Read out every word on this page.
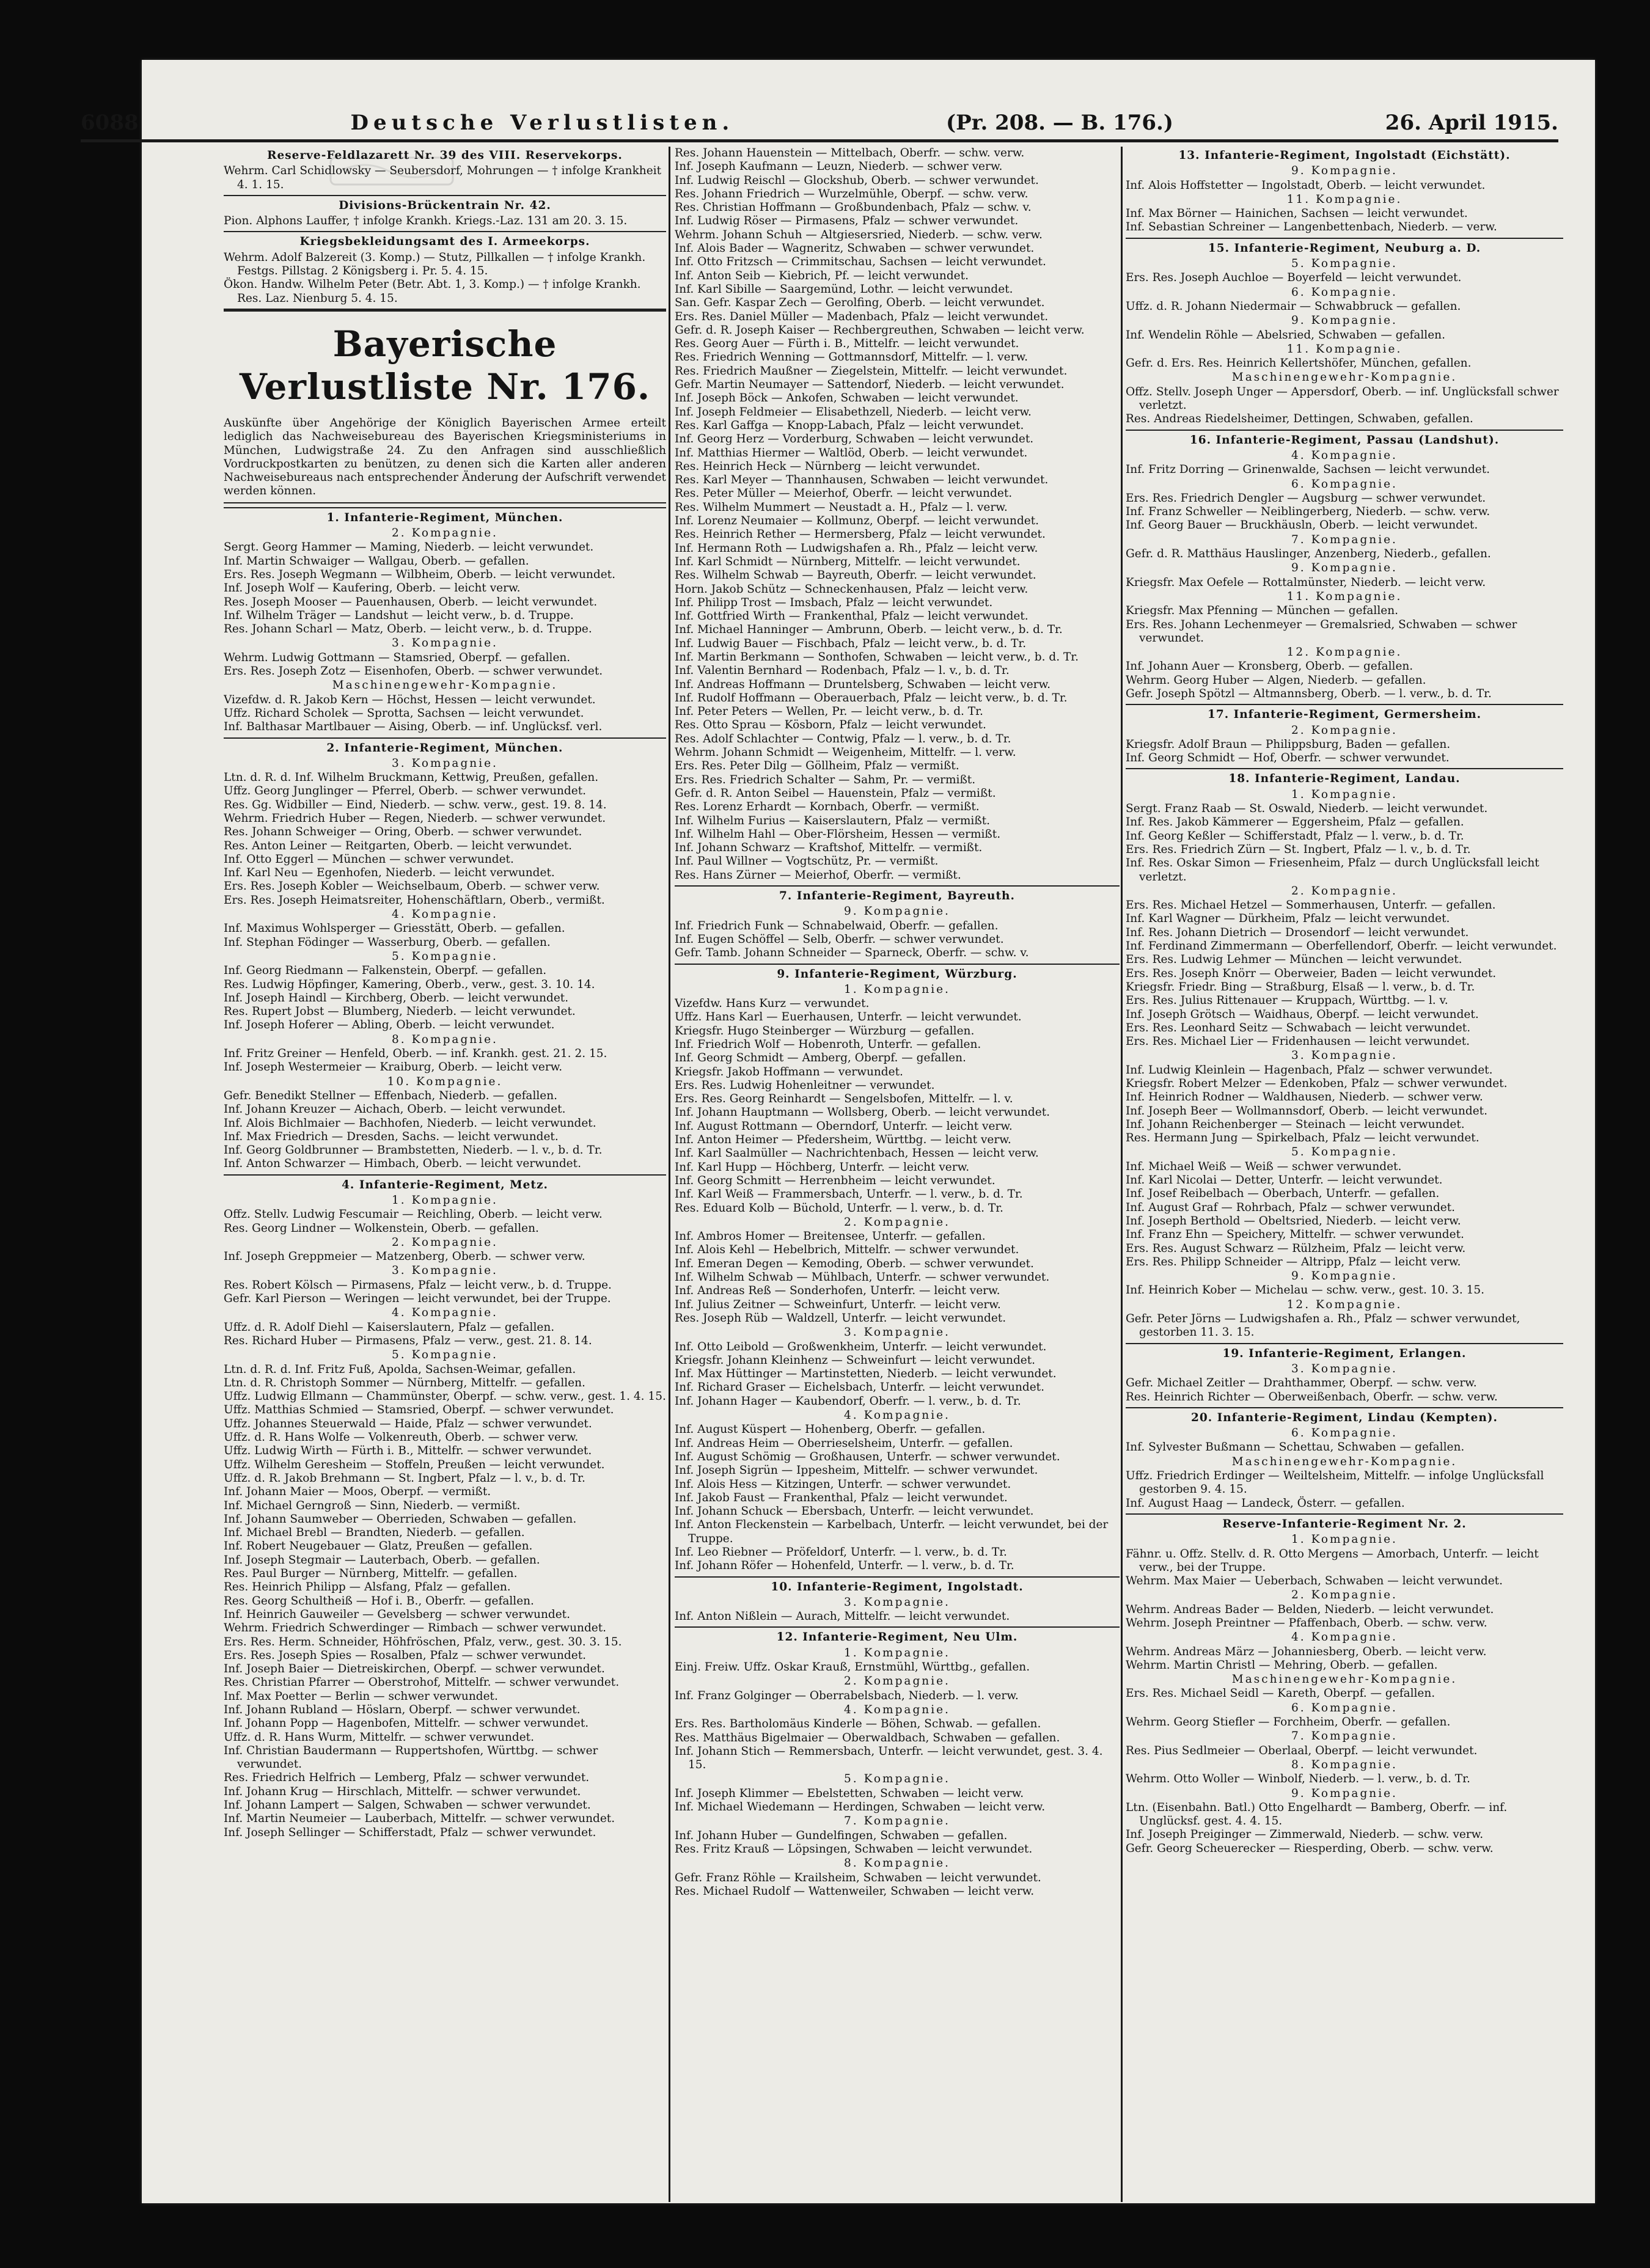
6088	Deutsche Verlustlisten.	(Pr. 208. — B. 176.)	26. April 1915.
Reserve-Feldlazarett Nr. 39 des VIII. Reservekorps.
Wehrm. Carl Schidlowsky — Seubersdorf, Mohrungen — † infolge Krankheit 4. 1. 15.
Divisions-Brückentrain Nr. 42.
Pion. Alphons Lauffer, † infolge Krankh. Kriegs.-Laz. 131 am 20. 3. 15.
Kriegsbekleidungsamt des I. Armeekorps.
Wehrm. Adolf Balzereit (3. Komp.) — Stutz, Pillkallen — † infolge Krankh. Festgs. Pillstag. 2 Königsberg i. Pr. 5. 4. 15.
Ökon. Handw. Wilhelm Peter (Betr. Abt. 1, 3. Komp.) — † infolge Krankh. Res. Laz. Nienburg 5. 4. 15.
Bayerische Verlustliste Nr. 176.
Auskünfte über Angehörige der Königlich Bayerischen Armee erteilt lediglich das Nachweisebureau des Bayerischen Kriegsministeriums in München, Ludwigstraße 24. Zu den Anfragen sind ausschließlich Vordruckpostkarten zu benützen, zu denen sich die Karten aller anderen Nachweisebureaus nach entsprechender Änderung der Aufschrift verwendet werden können.
1. Infanterie-Regiment, München.
2. Kompagnie.
Sergt. Georg Hammer — Maming, Niederb. — leicht verwundet.
Inf. Martin Schwaiger — Wallgau, Oberb. — gefallen.
Ers. Res. Joseph Wegmann — Wilbheim, Oberb. — leicht verwundet.
Inf. Joseph Wolf — Kaufering, Oberb. — leicht verw.
Res. Joseph Mooser — Pauenhausen, Oberb. — leicht verwundet.
Inf. Wilhelm Träger — Landshut — leicht verw., b. d. Truppe.
Res. Johann Scharl — Matz, Oberb. — leicht verw., b. d. Truppe.
3. Kompagnie.
Wehrm. Ludwig Gottmann — Stamsried, Oberpf. — gefallen.
Ers. Res. Joseph Zotz — Eisenhofen, Oberb. — schwer verwundet.
Maschinengewehr-Kompagnie.
Vizefdw. d. R. Jakob Kern — Höchst, Hessen — leicht verwundet.
Uffz. Richard Scholek — Sprotta, Sachsen — leicht verwundet.
Inf. Balthasar Martlbauer — Aising, Oberb. — inf. Unglücksf. verl.
2. Infanterie-Regiment, München.
3. Kompagnie.
Ltn. d. R. d. Inf. Wilhelm Bruckmann, Kettwig, Preußen, gefallen.
Uffz. Georg Junglinger — Pferrel, Oberb. — schwer verwundet.
Res. Gg. Widbiller — Eind, Niederb. — schw. verw., gest. 19. 8. 14.
Wehrm. Friedrich Huber — Regen, Niederb. — schwer verwundet.
Res. Johann Schweiger — Oring, Oberb. — schwer verwundet.
Res. Anton Leiner — Reitgarten, Oberb. — leicht verwundet.
Inf. Otto Eggerl — München — schwer verwundet.
Inf. Karl Neu — Egenhofen, Niederb. — leicht verwundet.
Ers. Res. Joseph Kobler — Weichselbaum, Oberb. — schwer verw.
Ers. Res. Joseph Heimatsreiter, Hohenschäftlarn, Oberb., vermißt.
4. Kompagnie.
Inf. Maximus Wohlsperger — Griesstätt, Oberb. — gefallen.
Inf. Stephan Födinger — Wasserburg, Oberb. — gefallen.
5. Kompagnie.
Inf. Georg Riedmann — Falkenstein, Oberpf. — gefallen.
Res. Ludwig Höpfinger, Kamering, Oberb., verw., gest. 3. 10. 14.
Inf. Joseph Haindl — Kirchberg, Oberb. — leicht verwundet.
Res. Rupert Jobst — Blumberg, Niederb. — leicht verwundet.
Inf. Joseph Hoferer — Abling, Oberb. — leicht verwundet.
8. Kompagnie.
Inf. Fritz Greiner — Henfeld, Oberb. — inf. Krankh. gest. 21. 2. 15.
Inf. Joseph Westermeier — Kraiburg, Oberb. — leicht verw.
10. Kompagnie.
Gefr. Benedikt Stellner — Effenbach, Niederb. — gefallen.
Inf. Johann Kreuzer — Aichach, Oberb. — leicht verwundet.
Inf. Alois Bichlmaier — Bachhofen, Niederb. — leicht verwundet.
Inf. Max Friedrich — Dresden, Sachs. — leicht verwundet.
Inf. Georg Goldbrunner — Brambstetten, Niederb. — l. v., b. d. Tr.
Inf. Anton Schwarzer — Himbach, Oberb. — leicht verwundet.
4. Infanterie-Regiment, Metz.
1. Kompagnie.
Offz. Stellv. Ludwig Fescumair — Reichling, Oberb. — leicht verw.
Res. Georg Lindner — Wolkenstein, Oberb. — gefallen.
2. Kompagnie.
Inf. Joseph Greppmeier — Matzenberg, Oberb. — schwer verw.
3. Kompagnie.
Res. Robert Kölsch — Pirmasens, Pfalz — leicht verw., b. d. Truppe.
Gefr. Karl Pierson — Weringen — leicht verwundet, bei der Truppe.
4. Kompagnie.
Uffz. d. R. Adolf Diehl — Kaiserslautern, Pfalz — gefallen.
Res. Richard Huber — Pirmasens, Pfalz — verw., gest. 21. 8. 14.
5. Kompagnie.
Ltn. d. R. d. Inf. Fritz Fuß, Apolda, Sachsen-Weimar, gefallen.
Ltn. d. R. Christoph Sommer — Nürnberg, Mittelfr. — gefallen.
Uffz. Ludwig Ellmann — Chammünster, Oberpf. — schw. verw., gest. 1. 4. 15.
Uffz. Matthias Schmied — Stamsried, Oberpf. — schwer verwundet.
Uffz. Johannes Steuerwald — Haide, Pfalz — schwer verwundet.
Uffz. d. R. Hans Wolfe — Volkenreuth, Oberb. — schwer verw.
Uffz. Ludwig Wirth — Fürth i. B., Mittelfr. — schwer verwundet.
Uffz. Wilhelm Geresheim — Stoffeln, Preußen — leicht verwundet.
Uffz. d. R. Jakob Brehmann — St. Ingbert, Pfalz — l. v., b. d. Tr.
Inf. Johann Maier — Moos, Oberpf. — vermißt.
Inf. Michael Gerngroß — Sinn, Niederb. — vermißt.
Inf. Johann Saumweber — Oberrieden, Schwaben — gefallen.
Inf. Michael Brebl — Brandten, Niederb. — gefallen.
Inf. Robert Neugebauer — Glatz, Preußen — gefallen.
Inf. Joseph Stegmair — Lauterbach, Oberb. — gefallen.
Res. Paul Burger — Nürnberg, Mittelfr. — gefallen.
Res. Heinrich Philipp — Alsfang, Pfalz — gefallen.
Res. Georg Schultheiß — Hof i. B., Oberfr. — gefallen.
Inf. Heinrich Gauweiler — Gevelsberg — schwer verwundet.
Wehrm. Friedrich Schwerdinger — Rimbach — schwer verwundet.
Ers. Res. Herm. Schneider, Höhfröschen, Pfalz, verw., gest. 30. 3. 15.
Ers. Res. Joseph Spies — Rosalben, Pfalz — schwer verwundet.
Inf. Joseph Baier — Dietreiskirchen, Oberpf. — schwer verwundet.
Res. Christian Pfarrer — Oberstrohof, Mittelfr. — schwer verwundet.
Inf. Max Poetter — Berlin — schwer verwundet.
Inf. Johann Rubland — Höslarn, Oberpf. — schwer verwundet.
Inf. Johann Popp — Hagenbofen, Mittelfr. — schwer verwundet.
Uffz. d. R. Hans Wurm, Mittelfr. — schwer verwundet.
Inf. Christian Baudermann — Ruppertshofen, Württbg. — schwer verwundet.
Res. Friedrich Helfrich — Lemberg, Pfalz — schwer verwundet.
Inf. Johann Krug — Hirschlach, Mittelfr. — schwer verwundet.
Inf. Johann Lampert — Salgen, Schwaben — schwer verwundet.
Inf. Martin Neumeier — Lauberbach, Mittelfr. — schwer verwundet.
Inf. Joseph Sellinger — Schifferstadt, Pfalz — schwer verwundet.
Res. Johann Hauenstein — Mittelbach, Oberfr. — schw. verw.
Inf. Joseph Kaufmann — Leuzn, Niederb. — schwer verw.
Inf. Ludwig Reischl — Glockshub, Oberb. — schwer verwundet.
Res. Johann Friedrich — Wurzelmühle, Oberpf. — schw. verw.
Res. Christian Hoffmann — Großbundenbach, Pfalz — schw. v.
Inf. Ludwig Röser — Pirmasens, Pfalz — schwer verwundet.
Wehrm. Johann Schuh — Altgiesersried, Niederb. — schw. verw.
Inf. Alois Bader — Wagneritz, Schwaben — schwer verwundet.
Inf. Otto Fritzsch — Crimmitschau, Sachsen — leicht verwundet.
Inf. Anton Seib — Kiebrich, Pf. — leicht verwundet.
Inf. Karl Sibille — Saargemünd, Lothr. — leicht verwundet.
San. Gefr. Kaspar Zech — Gerolfing, Oberb. — leicht verwundet.
Ers. Res. Daniel Müller — Madenbach, Pfalz — leicht verwundet.
Gefr. d. R. Joseph Kaiser — Rechbergreuthen, Schwaben — leicht verw.
Res. Georg Auer — Fürth i. B., Mittelfr. — leicht verwundet.
Res. Friedrich Wenning — Gottmannsdorf, Mittelfr. — l. verw.
Res. Friedrich Maußner — Ziegelstein, Mittelfr. — leicht verwundet.
Gefr. Martin Neumayer — Sattendorf, Niederb. — leicht verwundet.
Inf. Joseph Böck — Ankofen, Schwaben — leicht verwundet.
Inf. Joseph Feldmeier — Elisabethzell, Niederb. — leicht verw.
Res. Karl Gaffga — Knopp-Labach, Pfalz — leicht verwundet.
Inf. Georg Herz — Vorderburg, Schwaben — leicht verwundet.
Inf. Matthias Hiermer — Waltlöd, Oberb. — leicht verwundet.
Res. Heinrich Heck — Nürnberg — leicht verwundet.
Res. Karl Meyer — Thannhausen, Schwaben — leicht verwundet.
Res. Peter Müller — Meierhof, Oberfr. — leicht verwundet.
Res. Wilhelm Mummert — Neustadt a. H., Pfalz — l. verw.
Inf. Lorenz Neumaier — Kollmunz, Oberpf. — leicht verwundet.
Res. Heinrich Rether — Hermersberg, Pfalz — leicht verwundet.
Inf. Hermann Roth — Ludwigshafen a. Rh., Pfalz — leicht verw.
Inf. Karl Schmidt — Nürnberg, Mittelfr. — leicht verwundet.
Res. Wilhelm Schwab — Bayreuth, Oberfr. — leicht verwundet.
Horn. Jakob Schütz — Schneckenhausen, Pfalz — leicht verw.
Inf. Philipp Trost — Imsbach, Pfalz — leicht verwundet.
Inf. Gottfried Wirth — Frankenthal, Pfalz — leicht verwundet.
Inf. Michael Hanninger — Ambrunn, Oberb. — leicht verw., b. d. Tr.
Inf. Ludwig Bauer — Fischbach, Pfalz — leicht verw., b. d. Tr.
Inf. Martin Berkmann — Sonthofen, Schwaben — leicht verw., b. d. Tr.
Inf. Valentin Bernhard — Rodenbach, Pfalz — l. v., b. d. Tr.
Inf. Andreas Hoffmann — Druntelsberg, Schwaben — leicht verw.
Inf. Rudolf Hoffmann — Oberauerbach, Pfalz — leicht verw., b. d. Tr.
Inf. Peter Peters — Wellen, Pr. — leicht verw., b. d. Tr.
Res. Otto Sprau — Kösborn, Pfalz — leicht verwundet.
Res. Adolf Schlachter — Contwig, Pfalz — l. verw., b. d. Tr.
Wehrm. Johann Schmidt — Weigenheim, Mittelfr. — l. verw.
Ers. Res. Peter Dilg — Göllheim, Pfalz — vermißt.
Ers. Res. Friedrich Schalter — Sahm, Pr. — vermißt.
Gefr. d. R. Anton Seibel — Hauenstein, Pfalz — vermißt.
Res. Lorenz Erhardt — Kornbach, Oberfr. — vermißt.
Inf. Wilhelm Furius — Kaiserslautern, Pfalz — vermißt.
Inf. Wilhelm Hahl — Ober-Flörsheim, Hessen — vermißt.
Inf. Johann Schwarz — Kraftshof, Mittelfr. — vermißt.
Inf. Paul Willner — Vogtschütz, Pr. — vermißt.
Res. Hans Zürner — Meierhof, Oberfr. — vermißt.
7. Infanterie-Regiment, Bayreuth.
9. Kompagnie.
Inf. Friedrich Funk — Schnabelwaid, Oberfr. — gefallen.
Inf. Eugen Schöffel — Selb, Oberfr. — schwer verwundet.
Gefr. Tamb. Johann Schneider — Sparneck, Oberfr. — schw. v.
9. Infanterie-Regiment, Würzburg.
1. Kompagnie.
Vizefdw. Hans Kurz — verwundet.
Uffz. Hans Karl — Euerhausen, Unterfr. — leicht verwundet.
Kriegsfr. Hugo Steinberger — Würzburg — gefallen.
Inf. Friedrich Wolf — Hobenroth, Unterfr. — gefallen.
Inf. Georg Schmidt — Amberg, Oberpf. — gefallen.
Kriegsfr. Jakob Hoffmann — verwundet.
Ers. Res. Ludwig Hohenleitner — verwundet.
Ers. Res. Georg Reinhardt — Sengelsbofen, Mittelfr. — l. v.
Inf. Johann Hauptmann — Wollsberg, Oberb. — leicht verwundet.
Inf. August Rottmann — Oberndorf, Unterfr. — leicht verw.
Inf. Anton Heimer — Pfedersheim, Württbg. — leicht verw.
Inf. Karl Saalmüller — Nachrichtenbach, Hessen — leicht verw.
Inf. Karl Hupp — Höchberg, Unterfr. — leicht verw.
Inf. Georg Schmitt — Herrenbheim — leicht verwundet.
Inf. Karl Weiß — Frammersbach, Unterfr. — l. verw., b. d. Tr.
Res. Eduard Kolb — Büchold, Unterfr. — l. verw., b. d. Tr.
2. Kompagnie.
Inf. Ambros Homer — Breitensee, Unterfr. — gefallen.
Inf. Alois Kehl — Hebelbrich, Mittelfr. — schwer verwundet.
Inf. Emeran Degen — Kemoding, Oberb. — schwer verwundet.
Inf. Wilhelm Schwab — Mühlbach, Unterfr. — schwer verwundet.
Inf. Andreas Reß — Sonderhofen, Unterfr. — leicht verw.
Inf. Julius Zeitner — Schweinfurt, Unterfr. — leicht verw.
Res. Joseph Rüb — Waldzell, Unterfr. — leicht verwundet.
3. Kompagnie.
Inf. Otto Leibold — Großwenkheim, Unterfr. — leicht verwundet.
Kriegsfr. Johann Kleinhenz — Schweinfurt — leicht verwundet.
Inf. Max Hüttinger — Martinstetten, Niederb. — leicht verwundet.
Inf. Richard Graser — Eichelsbach, Unterfr. — leicht verwundet.
Inf. Johann Hager — Kaubendorf, Oberfr. — l. verw., b. d. Tr.
4. Kompagnie.
Inf. August Küspert — Hohenberg, Oberfr. — gefallen.
Inf. Andreas Heim — Oberrieselsheim, Unterfr. — gefallen.
Inf. August Schömig — Großhausen, Unterfr. — schwer verwundet.
Inf. Joseph Sigrün — Ippesheim, Mittelfr. — schwer verwundet.
Inf. Alois Hess — Kitzingen, Unterfr. — schwer verwundet.
Inf. Jakob Faust — Frankenthal, Pfalz — leicht verwundet.
Inf. Johann Schuck — Ebersbach, Unterfr. — leicht verwundet.
Inf. Anton Fleckenstein — Karbelbach, Unterfr. — leicht verwundet, bei der Truppe.
Inf. Leo Riebner — Pröfeldorf, Unterfr. — l. verw., b. d. Tr.
Inf. Johann Röfer — Hohenfeld, Unterfr. — l. verw., b. d. Tr.
10. Infanterie-Regiment, Ingolstadt.
3. Kompagnie.
Inf. Anton Nißlein — Aurach, Mittelfr. — leicht verwundet.
12. Infanterie-Regiment, Neu Ulm.
1. Kompagnie.
Einj. Freiw. Uffz. Oskar Krauß, Ernstmühl, Württbg., gefallen.
2. Kompagnie.
Inf. Franz Golginger — Oberrabelsbach, Niederb. — l. verw.
4. Kompagnie.
Ers. Res. Bartholomäus Kinderle — Böhen, Schwab. — gefallen.
Res. Matthäus Bigelmaier — Oberwaldbach, Schwaben — gefallen.
Inf. Johann Stich — Remmersbach, Unterfr. — leicht verwundet, gest. 3. 4. 15.
5. Kompagnie.
Inf. Joseph Klimmer — Ebelstetten, Schwaben — leicht verw.
Inf. Michael Wiedemann — Herdingen, Schwaben — leicht verw.
7. Kompagnie.
Inf. Johann Huber — Gundelfingen, Schwaben — gefallen.
Res. Fritz Krauß — Löpsingen, Schwaben — leicht verwundet.
8. Kompagnie.
Gefr. Franz Röhle — Krailsheim, Schwaben — leicht verwundet.
Res. Michael Rudolf — Wattenweiler, Schwaben — leicht verw.
13. Infanterie-Regiment, Ingolstadt (Eichstätt).
9. Kompagnie.
Inf. Alois Hoffstetter — Ingolstadt, Oberb. — leicht verwundet.
11. Kompagnie.
Inf. Max Börner — Hainichen, Sachsen — leicht verwundet.
Inf. Sebastian Schreiner — Langenbettenbach, Niederb. — verw.
15. Infanterie-Regiment, Neuburg a. D.
5. Kompagnie.
Ers. Res. Joseph Auchloe — Boyerfeld — leicht verwundet.
6. Kompagnie.
Uffz. d. R. Johann Niedermair — Schwabbruck — gefallen.
9. Kompagnie.
Inf. Wendelin Röhle — Abelsried, Schwaben — gefallen.
11. Kompagnie.
Gefr. d. Ers. Res. Heinrich Kellertshöfer, München, gefallen.
Maschinengewehr-Kompagnie.
Offz. Stellv. Joseph Unger — Appersdorf, Oberb. — inf. Unglücksfall schwer verletzt.
Res. Andreas Riedelsheimer, Dettingen, Schwaben, gefallen.
16. Infanterie-Regiment, Passau (Landshut).
4. Kompagnie.
Inf. Fritz Dorring — Grinenwalde, Sachsen — leicht verwundet.
6. Kompagnie.
Ers. Res. Friedrich Dengler — Augsburg — schwer verwundet.
Inf. Franz Schweller — Neiblingerberg, Niederb. — schw. verw.
Inf. Georg Bauer — Bruckhäusln, Oberb. — leicht verwundet.
7. Kompagnie.
Gefr. d. R. Matthäus Hauslinger, Anzenberg, Niederb., gefallen.
9. Kompagnie.
Kriegsfr. Max Oefele — Rottalmünster, Niederb. — leicht verw.
11. Kompagnie.
Kriegsfr. Max Pfenning — München — gefallen.
Ers. Res. Johann Lechenmeyer — Gremalsried, Schwaben — schwer verwundet.
12. Kompagnie.
Inf. Johann Auer — Kronsberg, Oberb. — gefallen.
Wehrm. Georg Huber — Algen, Niederb. — gefallen.
Gefr. Joseph Spötzl — Altmannsberg, Oberb. — l. verw., b. d. Tr.
17. Infanterie-Regiment, Germersheim.
2. Kompagnie.
Kriegsfr. Adolf Braun — Philippsburg, Baden — gefallen.
Inf. Georg Schmidt — Hof, Oberfr. — schwer verwundet.
18. Infanterie-Regiment, Landau.
1. Kompagnie.
Sergt. Franz Raab — St. Oswald, Niederb. — leicht verwundet.
Inf. Res. Jakob Kämmerer — Eggersheim, Pfalz — gefallen.
Inf. Georg Keßler — Schifferstadt, Pfalz — l. verw., b. d. Tr.
Ers. Res. Friedrich Zürn — St. Ingbert, Pfalz — l. v., b. d. Tr.
Inf. Res. Oskar Simon — Friesenheim, Pfalz — durch Unglücksfall leicht verletzt.
2. Kompagnie.
Ers. Res. Michael Hetzel — Sommerhausen, Unterfr. — gefallen.
Inf. Karl Wagner — Dürkheim, Pfalz — leicht verwundet.
Inf. Res. Johann Dietrich — Drosendorf — leicht verwundet.
Inf. Ferdinand Zimmermann — Oberfellendorf, Oberfr. — leicht verwundet.
Ers. Res. Ludwig Lehmer — München — leicht verwundet.
Ers. Res. Joseph Knörr — Oberweier, Baden — leicht verwundet.
Kriegsfr. Friedr. Bing — Straßburg, Elsaß — l. verw., b. d. Tr.
Ers. Res. Julius Rittenauer — Kruppach, Württbg. — l. v.
Inf. Joseph Grötsch — Waidhaus, Oberpf. — leicht verwundet.
Ers. Res. Leonhard Seitz — Schwabach — leicht verwundet.
Ers. Res. Michael Lier — Fridenhausen — leicht verwundet.
3. Kompagnie.
Inf. Ludwig Kleinlein — Hagenbach, Pfalz — schwer verwundet.
Kriegsfr. Robert Melzer — Edenkoben, Pfalz — schwer verwundet.
Inf. Heinrich Rodner — Waldhausen, Niederb. — schwer verw.
Inf. Joseph Beer — Wollmannsdorf, Oberb. — leicht verwundet.
Inf. Johann Reichenberger — Steinach — leicht verwundet.
Res. Hermann Jung — Spirkelbach, Pfalz — leicht verwundet.
5. Kompagnie.
Inf. Michael Weiß — Weiß — schwer verwundet.
Inf. Karl Nicolai — Detter, Unterfr. — leicht verwundet.
Inf. Josef Reibelbach — Oberbach, Unterfr. — gefallen.
Inf. August Graf — Rohrbach, Pfalz — schwer verwundet.
Inf. Joseph Berthold — Obeltsried, Niederb. — leicht verw.
Inf. Franz Ehn — Speichery, Mittelfr. — schwer verwundet.
Ers. Res. August Schwarz — Rülzheim, Pfalz — leicht verw.
Ers. Res. Philipp Schneider — Altripp, Pfalz — leicht verw.
9. Kompagnie.
Inf. Heinrich Kober — Michelau — schw. verw., gest. 10. 3. 15.
12. Kompagnie.
Gefr. Peter Jörns — Ludwigshafen a. Rh., Pfalz — schwer verwundet, gestorben 11. 3. 15.
19. Infanterie-Regiment, Erlangen.
3. Kompagnie.
Gefr. Michael Zeitler — Drahthammer, Oberpf. — schw. verw.
Res. Heinrich Richter — Oberweißenbach, Oberfr. — schw. verw.
20. Infanterie-Regiment, Lindau (Kempten).
6. Kompagnie.
Inf. Sylvester Bußmann — Schettau, Schwaben — gefallen.
Maschinengewehr-Kompagnie.
Uffz. Friedrich Erdinger — Weiltelsheim, Mittelfr. — infolge Unglücksfall gestorben 9. 4. 15.
Inf. August Haag — Landeck, Österr. — gefallen.
Reserve-Infanterie-Regiment Nr. 2.
1. Kompagnie.
Fähnr. u. Offz. Stellv. d. R. Otto Mergens — Amorbach, Unterfr. — leicht verw., bei der Truppe.
Wehrm. Max Maier — Ueberbach, Schwaben — leicht verwundet.
2. Kompagnie.
Wehrm. Andreas Bader — Belden, Niederb. — leicht verwundet.
Wehrm. Joseph Preintner — Pfaffenbach, Oberb. — schw. verw.
4. Kompagnie.
Wehrm. Andreas März — Johanniesberg, Oberb. — leicht verw.
Wehrm. Martin Christl — Mehring, Oberb. — gefallen.
Maschinengewehr-Kompagnie.
Ers. Res. Michael Seidl — Kareth, Oberpf. — gefallen.
6. Kompagnie.
Wehrm. Georg Stiefler — Forchheim, Oberfr. — gefallen.
7. Kompagnie.
Res. Pius Sedlmeier — Oberlaal, Oberpf. — leicht verwundet.
8. Kompagnie.
Wehrm. Otto Woller — Winbolf, Niederb. — l. verw., b. d. Tr.
9. Kompagnie.
Ltn. (Eisenbahn. Batl.) Otto Engelhardt — Bamberg, Oberfr. — inf. Unglücksf. gest. 4. 4. 15.
Inf. Joseph Preiginger — Zimmerwald, Niederb. — schw. verw.
Gefr. Georg Scheuerecker — Riesperding, Oberb. — schw. verw.
